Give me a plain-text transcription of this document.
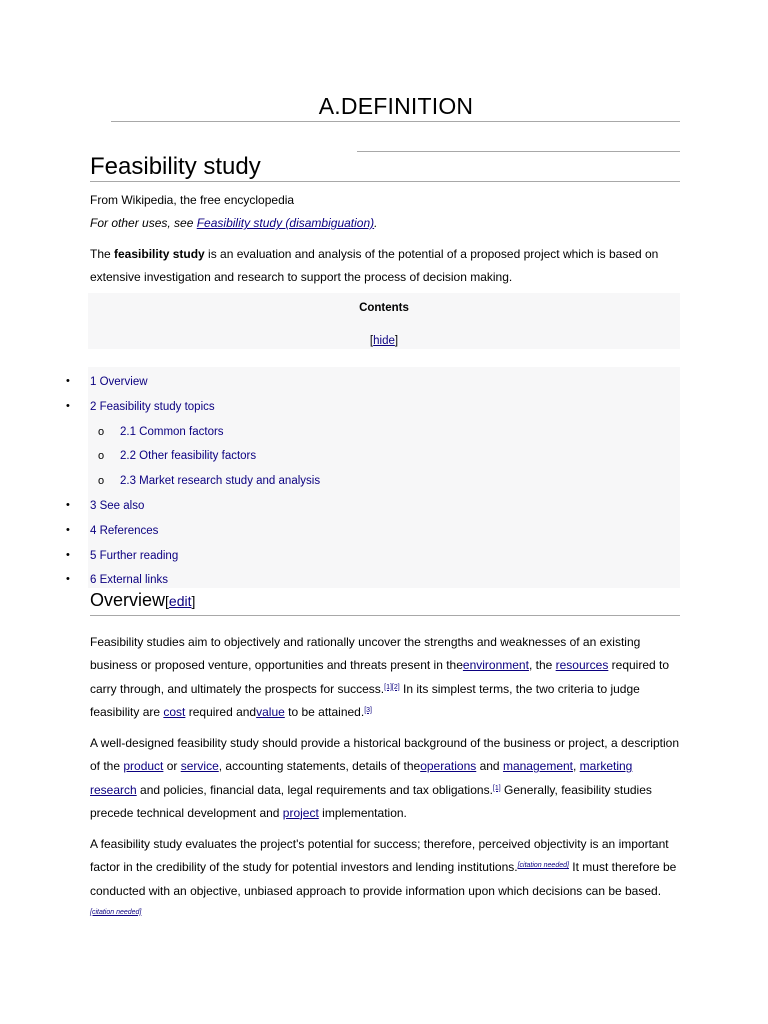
A.DEFINITION
Feasibility study
From Wikipedia, the free encyclopedia
For other uses, see Feasibility study (disambiguation).
The feasibility study is an evaluation and analysis of the potential of a proposed project which is based on extensive investigation and research to support the process of decision making.
Contents
[hide]
• 1 Overview
• 2 Feasibility study topics
o 2.1 Common factors
o 2.2 Other feasibility factors
o 2.3 Market research study and analysis
• 3 See also
• 4 References
• 5 Further reading
• 6 External links
Overview[edit]
Feasibility studies aim to objectively and rationally uncover the strengths and weaknesses of an existing business or proposed venture, opportunities and threats present in theenvironment, the resources required to carry through, and ultimately the prospects for success.[1][2] In its simplest terms, the two criteria to judge feasibility are cost required andvalue to be attained.[3]
A well-designed feasibility study should provide a historical background of the business or project, a description of the product or service, accounting statements, details of theoperations and management, marketing research and policies, financial data, legal requirements and tax obligations.[1] Generally, feasibility studies precede technical development and project implementation.
A feasibility study evaluates the project's potential for success; therefore, perceived objectivity is an important factor in the credibility of the study for potential investors and lending institutions.[citation needed] It must therefore be conducted with an objective, unbiased approach to provide information upon which decisions can be based.[citation needed]
